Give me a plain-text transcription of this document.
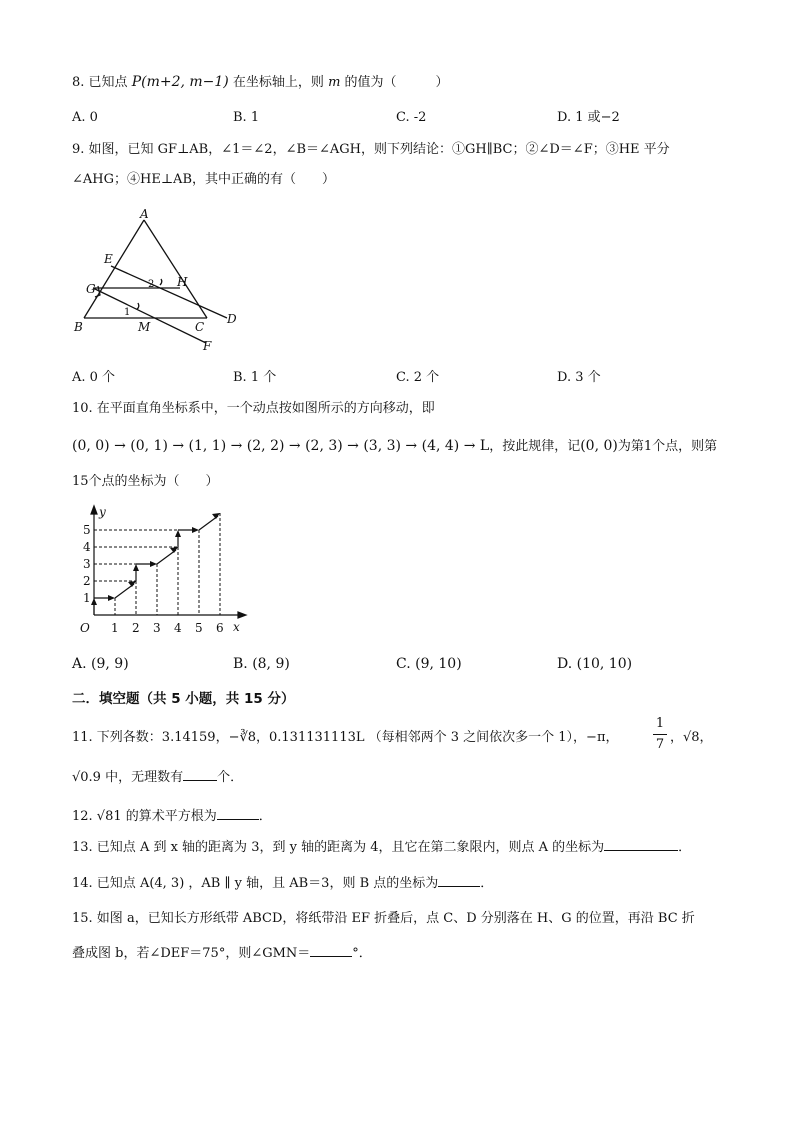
8. 已知点 P(m+2, m−1) 在坐标轴上，则 m 的值为（　　　）
A. 0	B. 1	C. -2	D. 1 或−2
9. 如图，已知 GF⊥AB，∠1＝∠2，∠B＝∠AGH，则下列结论：①GH∥BC；②∠D＝∠F；③HE 平分
∠AHG；④HE⊥AB，其中正确的有（　　）
A
E
G
B
H
M	C
D
F
2
1
A. 0 个	B. 1 个	C. 2 个	D. 3 个
10. 在平面直角坐标系中，一个动点按如图所示的方向移动，即
(0, 0) → (0, 1) → (1, 1) → (2, 2) → (2, 3) → (3, 3) → (4, 4) → L，按此规律，记(0, 0)为第1个点，则第
15个点的坐标为（　　）
y
x
O 1 2 3 4 5 6
1
2
3
4
5
A. (9, 9)	B. (8, 9)	C. (9, 10)	D. (10, 10)
二．填空题（共 5 小题，共 15 分）
11. 下列各数：3.14159，−∛8，0.131131113L （每相邻两个 3 之间依次多一个 1），−π，
1
7 ，√8，
√0.9 中，无理数有	个．
12. √81 的算术平方根为	．
13. 已知点 A 到 x 轴的距离为 3，到 y 轴的距离为 4，且它在第二象限内，则点 A 的坐标为	．
14. 已知点 A(4, 3) ，AB ∥ y 轴，且 AB＝3，则 B 点的坐标为	．
15. 如图 a，已知长方形纸带 ABCD，将纸带沿 EF 折叠后，点 C、D 分别落在 H、G 的位置，再沿 BC 折
叠成图 b，若∠DEF＝75°，则∠GMN＝	°．
